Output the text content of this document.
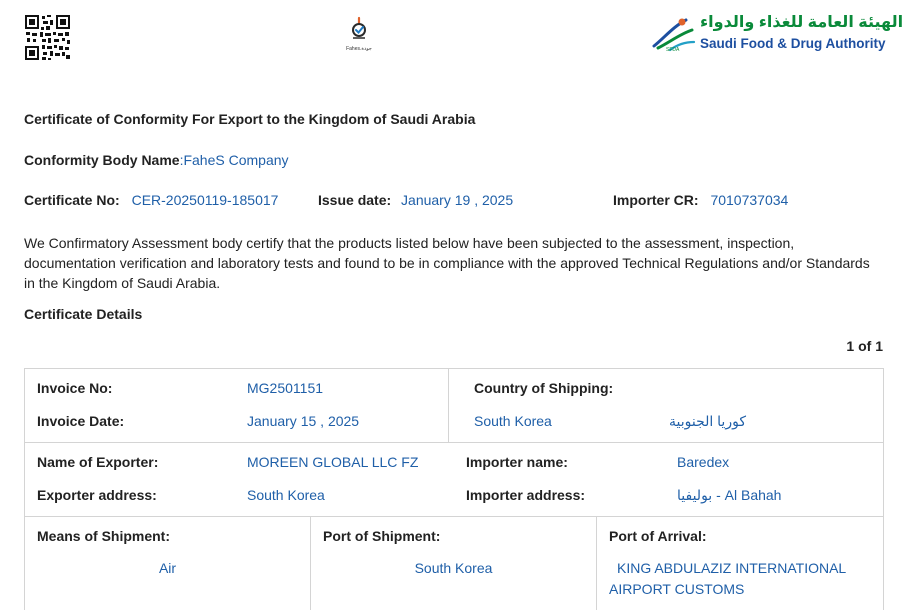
Fahes.جودة	SFDA
الهيئة العامة للغذاء والدواء
Saudi Food & Drug Authority
Certificate of Conformity For Export to the Kingdom of Saudi Arabia
Conformity Body Name:FaheS Company
Certificate No: CER-20250119-185017	Issue date: January 19 , 2025	Importer CR: 7010737034
We Confirmatory Assessment body certify that the products listed below have been subjected to the assessment, inspection, documentation verification and laboratory tests and found to be in compliance with the approved Technical Regulations and/or Standards in the Kingdom of Saudi Arabia.
Certificate Details
1 of 1
Invoice No:	MG2501151
Invoice Date:	January 15 , 2025
Country of Shipping:
South Korea	كوريا الجنوبية
Name of Exporter:	MOREEN GLOBAL LLC FZ
Exporter address:	South Korea
Importer name:	Baredex
Importer address:	بوليفيا - Al Bahah
Means of Shipment:
Air
Port of Shipment:
South Korea
Port of Arrival:
KING ABDULAZIZ INTERNATIONAL
AIRPORT CUSTOMS
